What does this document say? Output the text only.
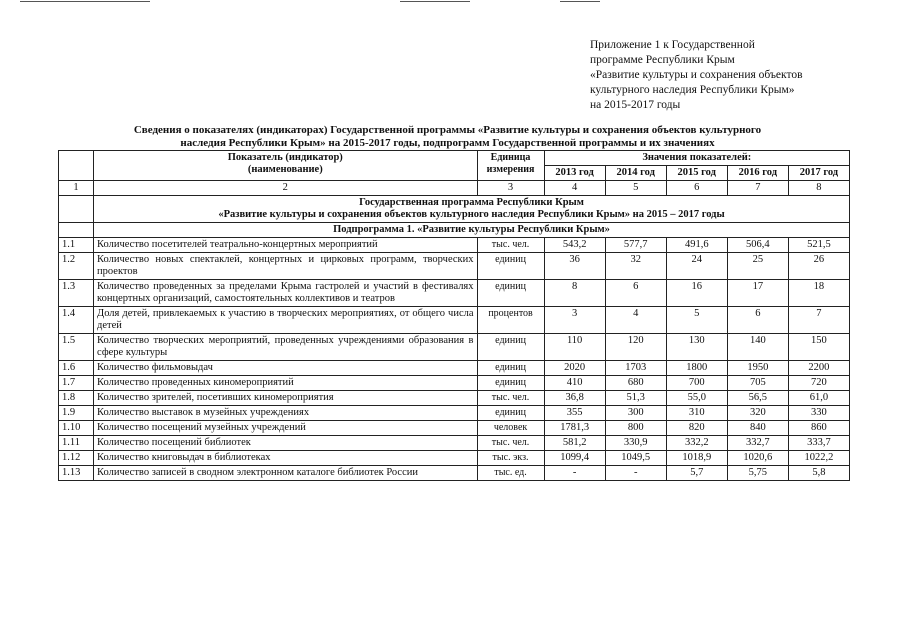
Приложение 1 к Государственной
программе Республики Крым
«Развитие культуры и сохранения объектов
культурного наследия Республики Крым»
на 2015-2017 годы
Сведения о показателях (индикаторах) Государственной программы «Развитие культуры и сохранения объектов культурного
наследия Республики Крым» на 2015-2017 годы, подпрограмм Государственной программы и их значениях

	Показатель (индикатор)
(наименование)	Единица измерения	Значения показателей:				
			2013 год	2014 год	2015 год	2016 год	2017 год
1	2	3	4	5	6	7	8

	Государственная программа Республики Крым
«Развитие культуры и сохранения объектов культурного наследия Республики Крым» на 2015 – 2017 годы						

	Подпрограмма 1. «Развитие культуры Республики Крым»						
1.1	Количество посетителей театрально-концертных мероприятий	тыс. чел.	543,2	577,7	491,6	506,4	521,5
1.2	Количество новых спектаклей, концертных и цирковых программ, творческих проектов	единиц	36	32	24	25	26
1.3	Количество проведенных за пределами Крыма гастролей и участий в фестивалях концертных организаций, самостоятельных коллективов и театров	единиц	8	6	16	17	18
1.4	Доля детей, привлекаемых к участию в творческих мероприятиях, от общего числа детей	процентов	3	4	5	6	7
1.5	Количество творческих мероприятий, проведенных учреждениями образования в сфере культуры	единиц	110	120	130	140	150
1.6	Количество фильмовыдач	единиц	2020	1703	1800	1950	2200
1.7	Количество проведенных киномероприятий	единиц	410	680	700	705	720
1.8	Количество зрителей, посетивших киномероприятия	тыс. чел.	36,8	51,3	55,0	56,5	61,0
1.9	Количество выставок в музейных учреждениях	единиц	355	300	310	320	330
1.10	Количество посещений музейных учреждений	человек	1781,3	800	820	840	860
1.11	Количество посещений библиотек	тыс. чел.	581,2	330,9	332,2	332,7	333,7
1.12	Количество книговыдач в библиотеках	тыс. экз.	1099,4	1049,5	1018,9	1020,6	1022,2
1.13	Количество записей в сводном электронном каталоге библиотек России	тыс. ед.	-	-	5,7	5,75	5,8
